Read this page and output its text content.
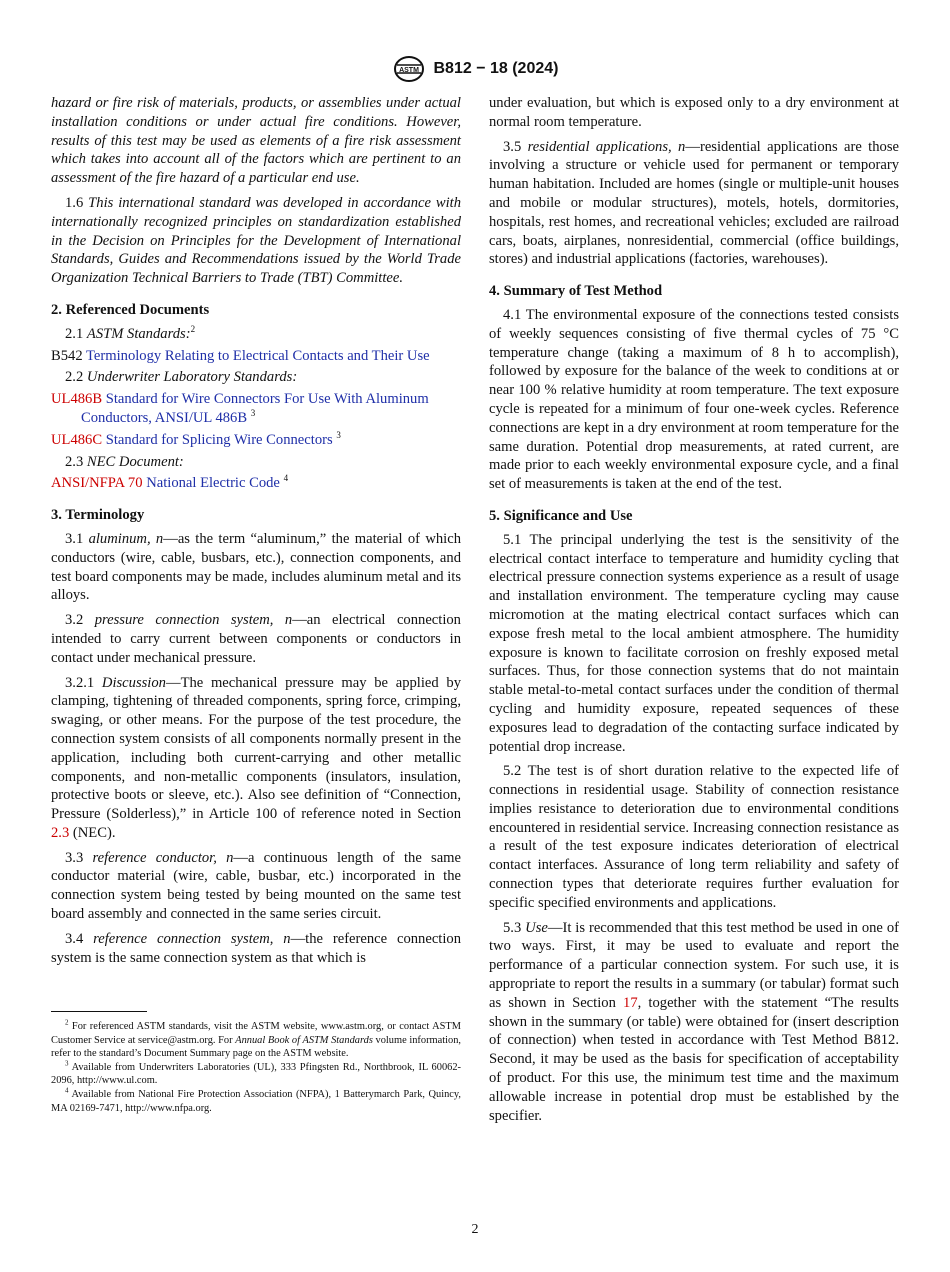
ASTM B812 − 18 (2024)

hazard or fire risk of materials, products, or assemblies under actual installation conditions or under actual fire conditions. However, results of this test may be used as elements of a fire risk assessment which takes into account all of the factors which are pertinent to an assessment of the fire hazard of a particular end use.

1.6 This international standard was developed in accordance with internationally recognized principles on standardization established in the Decision on Principles for the Development of International Standards, Guides and Recommendations issued by the World Trade Organization Technical Barriers to Trade (TBT) Committee.

2. Referenced Documents

2.1 ASTM Standards:$^2$

B542 Terminology Relating to Electrical Contacts and Their Use

2.2 Underwriter Laboratory Standards:

UL486B Standard for Wire Connectors For Use With Aluminum Conductors, ANSI/UL 486B $^3$

UL486C Standard for Splicing Wire Connectors $^3$

2.3 NEC Document:

ANSI/NFPA 70 National Electric Code $^4$

3. Terminology

3.1 aluminum, n—as the term “aluminum,” the material of which conductors (wire, cable, busbars, etc.), connection components, and test board components may be made, includes aluminum metal and its alloys.

3.2 pressure connection system, n—an electrical connection intended to carry current between components or conductors in contact under mechanical pressure.

3.2.1 Discussion—The mechanical pressure may be applied by clamping, tightening of threaded components, spring force, crimping, swaging, or other means. For the purpose of the test procedure, the connection system consists of all components normally present in the application, including both current-carrying and other metallic components, and non-metallic components (insulators, insulation, protective boots or sleeve, etc.). Also see definition of “Connection, Pressure (Solderless),” in Article 100 of reference noted in Section 2.3 (NEC).

3.3 reference conductor, n—a continuous length of the same conductor material (wire, cable, busbar, etc.) incorporated in the connection system being tested by being mounted on the same test board assembly and connected in the same series circuit.

3.4 reference connection system, n—the reference connection system is the same connection system as that which is

$^2$ For referenced ASTM standards, visit the ASTM website, www.astm.org, or contact ASTM Customer Service at service@astm.org. For Annual Book of ASTM Standards volume information, refer to the standard’s Document Summary page on the ASTM website.

$^3$ Available from Underwriters Laboratories (UL), 333 Pfingsten Rd., Northbrook, IL 60062-2096, http://www.ul.com.

$^4$ Available from National Fire Protection Association (NFPA), 1 Batterymarch Park, Quincy, MA 02169-7471, http://www.nfpa.org.

under evaluation, but which is exposed only to a dry environment at normal room temperature.

3.5 residential applications, n—residential applications are those involving a structure or vehicle used for permanent or temporary human habitation. Included are homes (single or multiple-unit houses and mobile or modular structures), motels, hotels, dormitories, hospitals, rest homes, and recreational vehicles; excluded are railroad cars, boats, airplanes, nonresidential, commercial (office buildings, stores) and industrial applications (factories, warehouses).

4. Summary of Test Method

4.1 The environmental exposure of the connections tested consists of weekly sequences consisting of five thermal cycles of 75 °C temperature change (taking a maximum of 8 h to accomplish), followed by exposure for the balance of the week to conditions at or near 100 % relative humidity at room temperature. The text exposure cycle is repeated for a minimum of four one-week cycles. Reference connections are kept in a dry environment at room temperature for the same duration. Potential drop measurements, at rated current, are made prior to each weekly environmental exposure cycle, and a final set of measurements is taken at the end of the test.

5. Significance and Use

5.1 The principal underlying the test is the sensitivity of the electrical contact interface to temperature and humidity cycling that electrical pressure connection systems experience as a result of usage and installation environment. The temperature cycling may cause micromotion at the mating electrical contact surfaces which can expose fresh metal to the local ambient atmosphere. The humidity exposure is known to facilitate corrosion on freshly exposed metal surfaces. Thus, for those connection systems that do not maintain stable metal-to-metal contact surfaces under the condition of thermal cycling and humidity exposure, repeated sequences of these exposures lead to degradation of the contacting surface indicated by potential drop increase.

5.2 The test is of short duration relative to the expected life of connections in residential usage. Stability of connection resistance implies resistance to deterioration due to environmental conditions encountered in residential service. Increasing connection resistance as a result of the test exposure indicates deterioration of electrical contact interfaces. Assurance of long term reliability and safety of connection types that deteriorate requires further evaluation for specific specified environments and applications.

5.3 Use—It is recommended that this test method be used in one of two ways. First, it may be used to evaluate and report the performance of a particular connection system. For such use, it is appropriate to report the results in a summary (or tabular) format such as shown in Section 17, together with the statement “The results shown in the summary (or table) were obtained for (insert description of connection) when tested in accordance with Test Method B812. Second, it may be used as the basis for specification of acceptability of product. For this use, the minimum test time and the maximum allowable increase in potential drop must be established by the specifier.

2
